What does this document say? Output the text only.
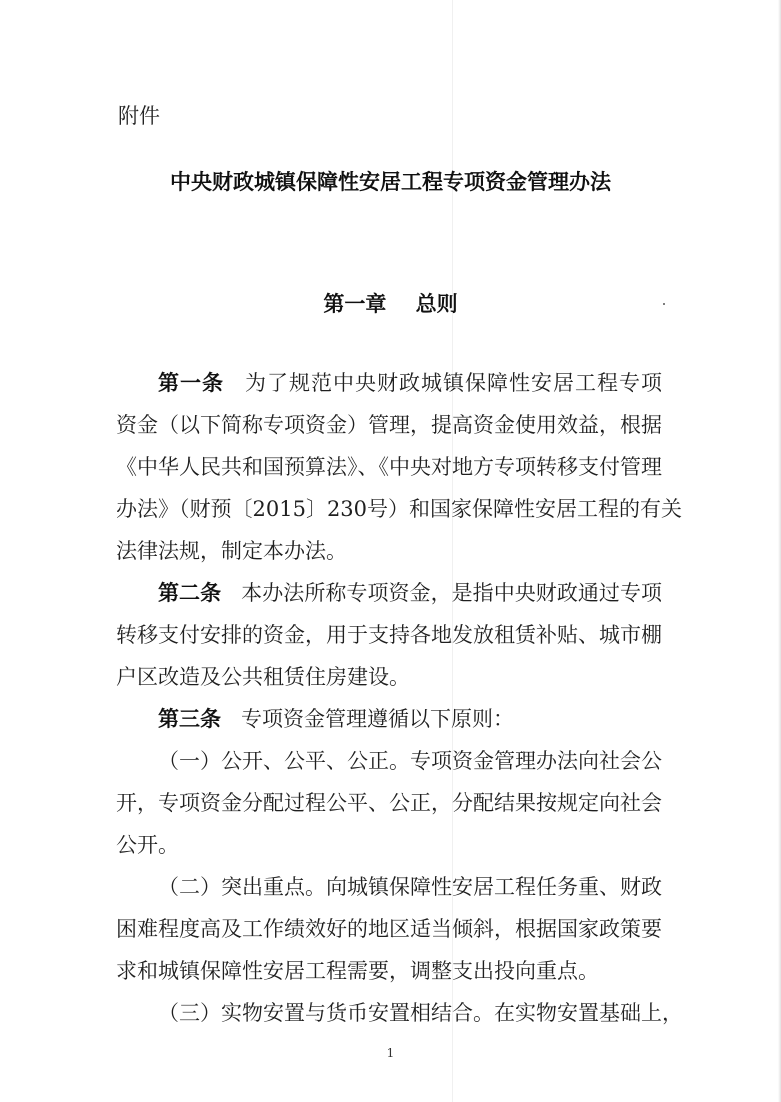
附件
中央财政城镇保障性安居工程专项资金管理办法
第一章    总则
第一条 为了规范中央财政城镇保障性安居工程专项
资金（以下简称专项资金）管理，提高资金使用效益，根据
《中华人民共和国预算法》、《中央对地方专项转移支付管理
办法》（财预〔2015〕230号）和国家保障性安居工程的有关
法律法规，制定本办法。
第二条 本办法所称专项资金，是指中央财政通过专项
转移支付安排的资金，用于支持各地发放租赁补贴、城市棚
户区改造及公共租赁住房建设。
第三条 专项资金管理遵循以下原则：
（一）公开、公平、公正。专项资金管理办法向社会公
开，专项资金分配过程公平、公正，分配结果按规定向社会
公开。
（二）突出重点。向城镇保障性安居工程任务重、财政
困难程度高及工作绩效好的地区适当倾斜，根据国家政策要
求和城镇保障性安居工程需要，调整支出投向重点。
（三）实物安置与货币安置相结合。在实物安置基础上，
1
